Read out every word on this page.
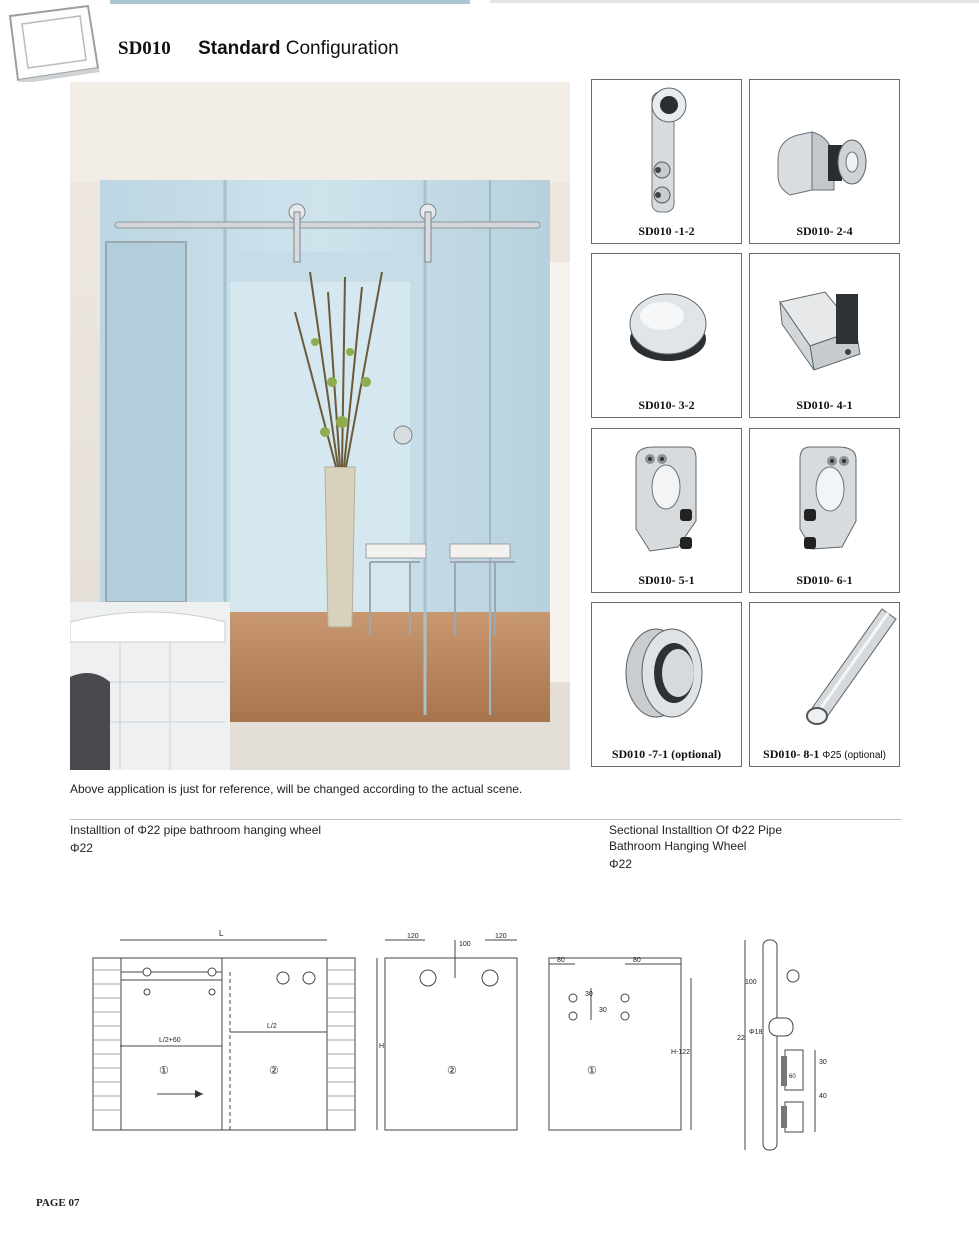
SD010 Standard Configuration
SD010 -1-2	SD010- 2-4
SD010- 3-2	SD010- 4-1
SD010- 5-1	SD010- 6-1
SD010 -7-1 (optional)	SD010- 8-1 Φ25 (optional)
Above application is just for reference, will be changed according to the actual scene.
Installtion of Φ22 pipe bathroom hanging wheel
Φ22
Sectional Installtion Of Φ22 Pipe
Bathroom Hanging Wheel
Φ22
L
L/2+60
L/2
①	②
120
100
120
H
②
80	80
30
30
H-122
①
100
Φ18
22
30
40
60
PAGE 07
